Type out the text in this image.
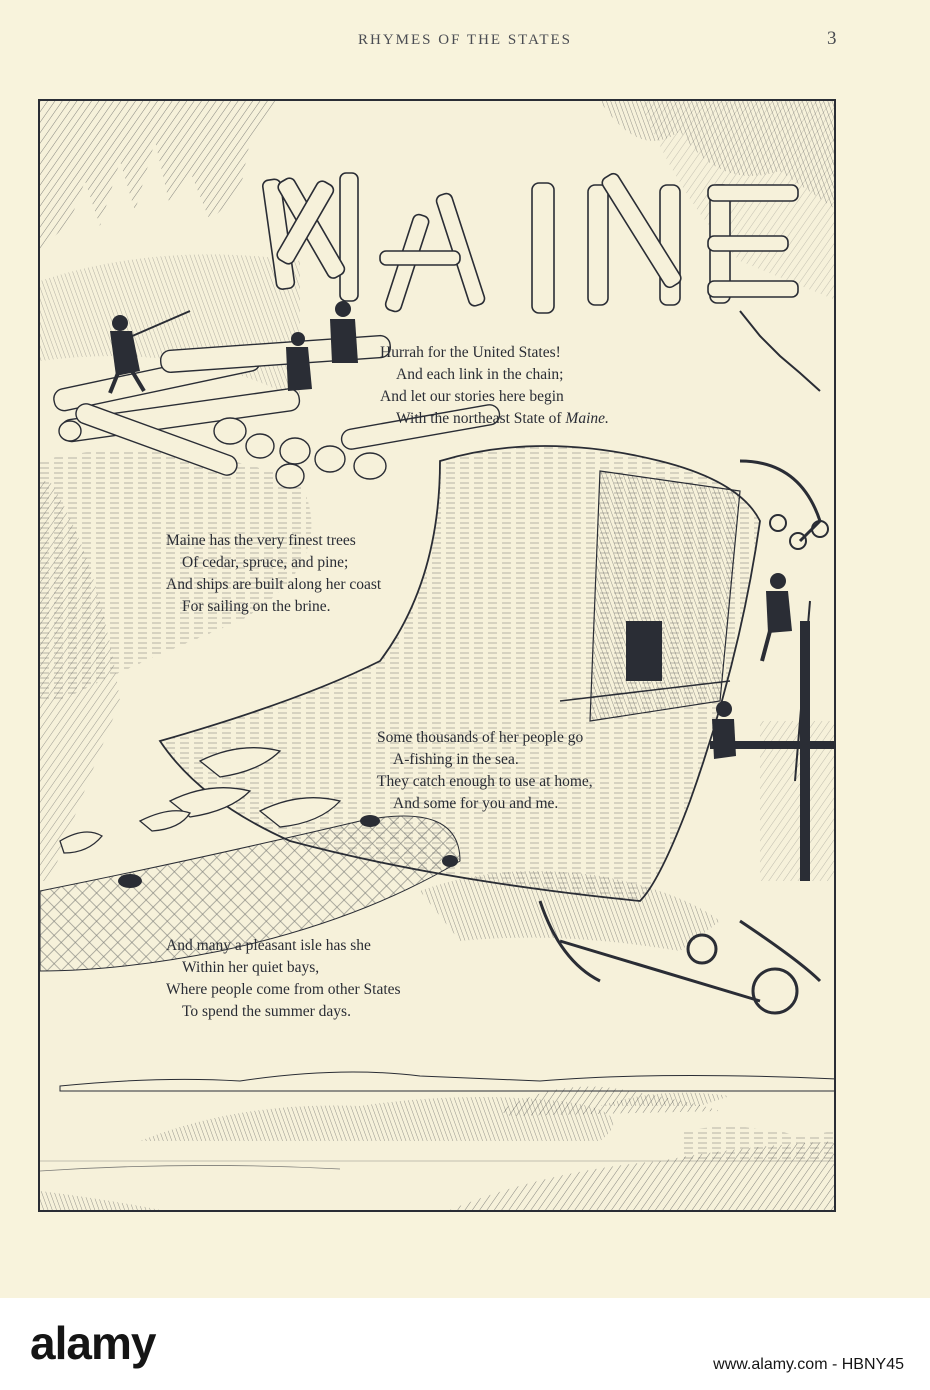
RHYMES OF THE STATES	3
Hurrah for the United States!
And each link in the chain;
And let our stories here begin
With the northeast State of Maine.
Maine has the very finest trees
Of cedar, spruce, and pine;
And ships are built along her coast
For sailing on the brine.
Some thousands of her people go
A-fishing in the sea.
They catch enough to use at home,
And some for you and me.
And many a pleasant isle has she
Within her quiet bays,
Where people come from other States
To spend the summer days.
alamy	www.alamy.com - HBNY45
